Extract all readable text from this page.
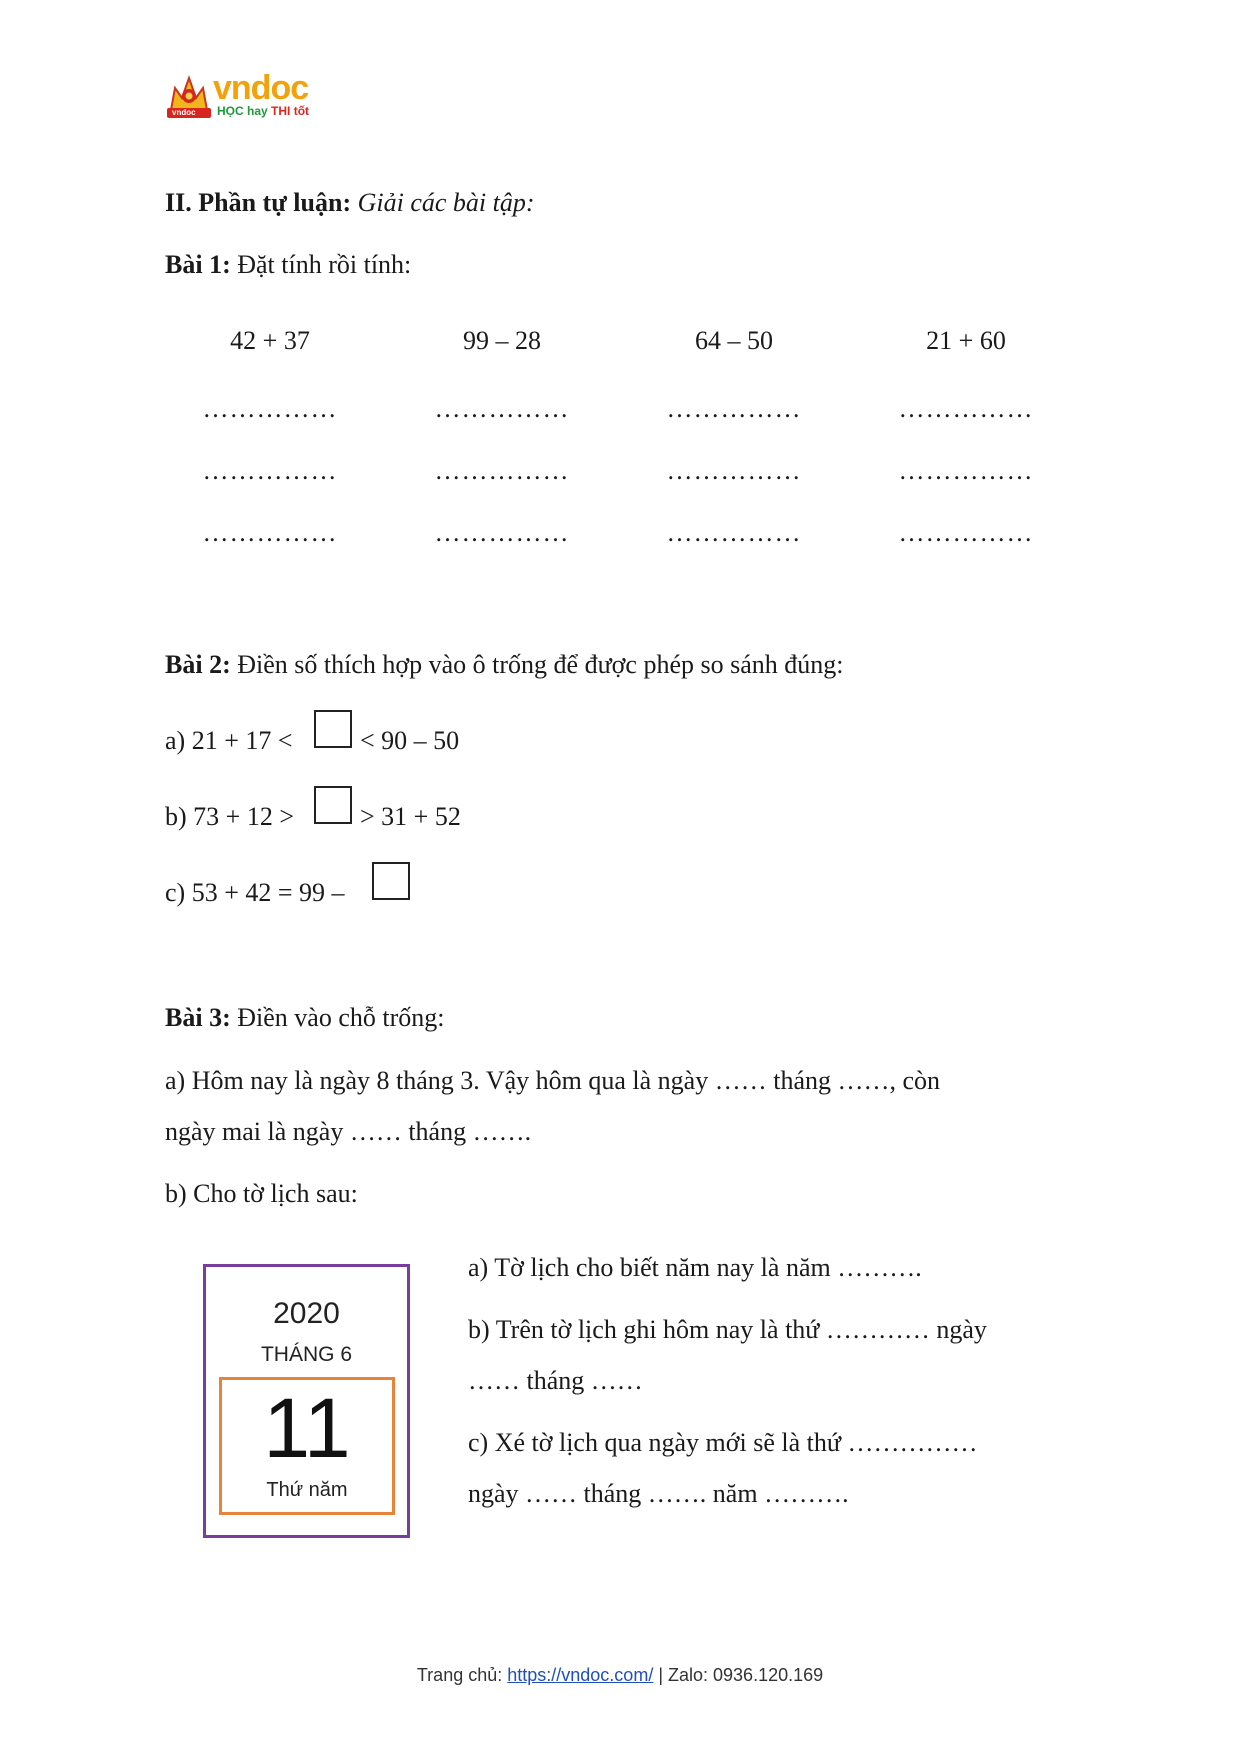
vndoc
vndoc
HỌC hay THI tốt
II. Phần tự luận: Giải các bài tập:
Bài 1: Đặt tính rồi tính:
42 + 37	99 – 28	64 – 50	21 + 60
……………	……………	……………	……………
……………	……………	……………	……………
……………	……………	……………	……………
Bài 2: Điền số thích hợp vào ô trống để được phép so sánh đúng:
a) 21 + 17 <	< 90 – 50
b) 73 + 12 >	> 31 + 52
c) 53 + 42 = 99 –
Bài 3: Điền vào chỗ trống:
a) Hôm nay là ngày 8 tháng 3. Vậy hôm qua là ngày …… tháng ……, còn
ngày mai là ngày …… tháng …….
b) Cho tờ lịch sau:
2020
THÁNG 6
11
Thứ năm
a) Tờ lịch cho biết năm nay là năm ……….
b) Trên tờ lịch ghi hôm nay là thứ ………… ngày
…… tháng ……
c) Xé tờ lịch qua ngày mới sẽ là thứ ……………
ngày …… tháng ……. năm ……….
Trang chủ: https://vndoc.com/ | Zalo: 0936.120.169
